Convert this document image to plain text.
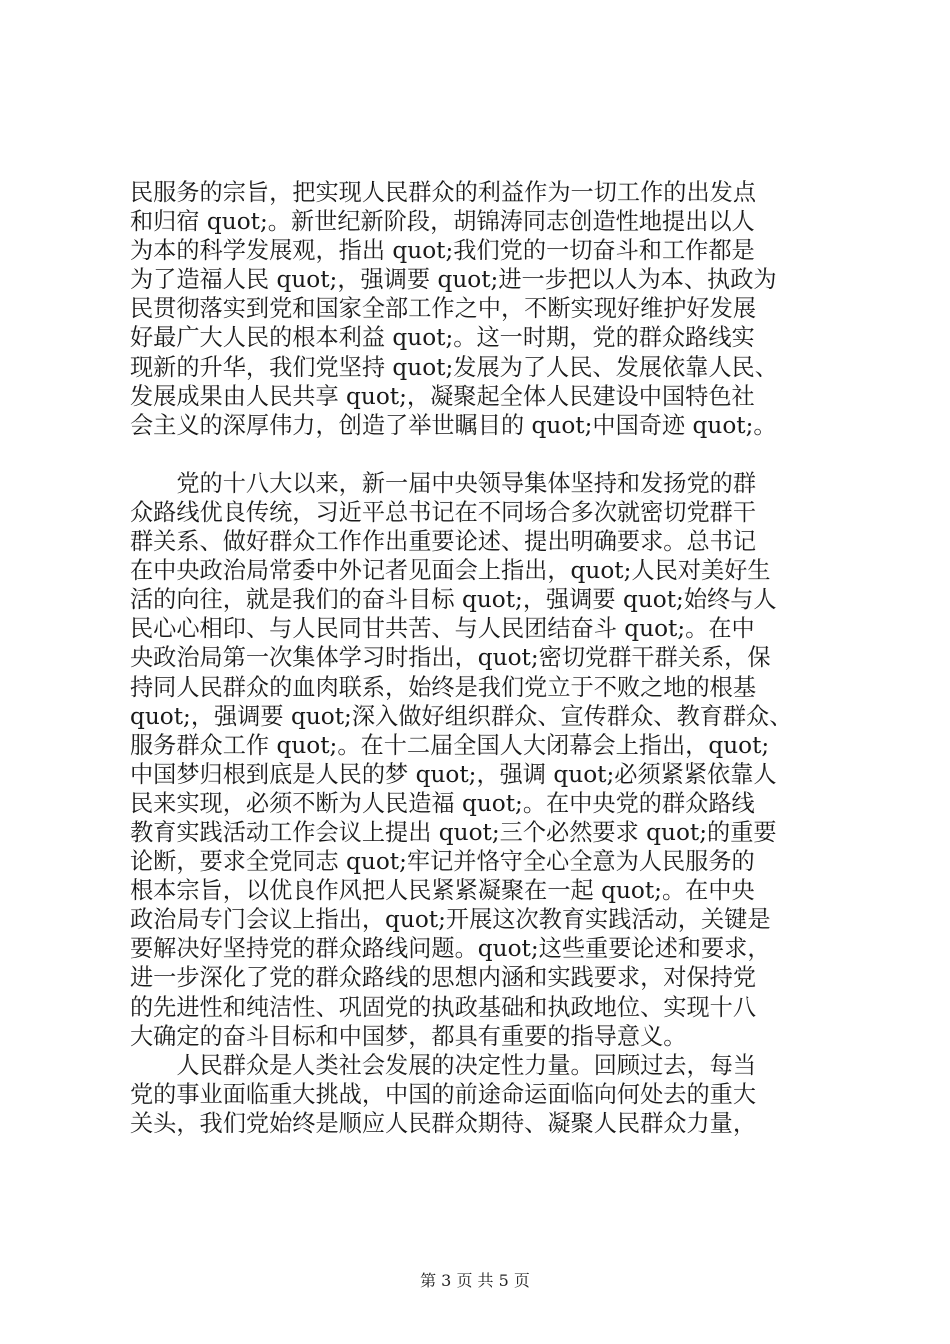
民服务的宗旨，把实现人民群众的利益作为一切工作的出发点
和归宿 quot;。新世纪新阶段，胡锦涛同志创造性地提出以人
为本的科学发展观，指出 quot;我们党的一切奋斗和工作都是
为了造福人民 quot;，强调要 quot;进一步把以人为本、执政为
民贯彻落实到党和国家全部工作之中，不断实现好维护好发展
好最广大人民的根本利益 quot;。这一时期，党的群众路线实
现新的升华，我们党坚持 quot;发展为了人民、发展依靠人民、
发展成果由人民共享 quot;，凝聚起全体人民建设中国特色社
会主义的深厚伟力，创造了举世瞩目的 quot;中国奇迹 quot;。
　　党的十八大以来，新一届中央领导集体坚持和发扬党的群
众路线优良传统，习近平总书记在不同场合多次就密切党群干
群关系、做好群众工作作出重要论述、提出明确要求。总书记
在中央政治局常委中外记者见面会上指出，quot;人民对美好生
活的向往，就是我们的奋斗目标 quot;，强调要 quot;始终与人
民心心相印、与人民同甘共苦、与人民团结奋斗 quot;。在中
央政治局第一次集体学习时指出，quot;密切党群干群关系，保
持同人民群众的血肉联系，始终是我们党立于不败之地的根基
quot;，强调要 quot;深入做好组织群众、宣传群众、教育群众、
服务群众工作 quot;。在十二届全国人大闭幕会上指出，quot;
中国梦归根到底是人民的梦 quot;，强调 quot;必须紧紧依靠人
民来实现，必须不断为人民造福 quot;。在中央党的群众路线
教育实践活动工作会议上提出 quot;三个必然要求 quot;的重要
论断，要求全党同志 quot;牢记并恪守全心全意为人民服务的
根本宗旨，以优良作风把人民紧紧凝聚在一起 quot;。在中央
政治局专门会议上指出，quot;开展这次教育实践活动，关键是
要解决好坚持党的群众路线问题。quot;这些重要论述和要求，
进一步深化了党的群众路线的思想内涵和实践要求，对保持党
的先进性和纯洁性、巩固党的执政基础和执政地位、实现十八
大确定的奋斗目标和中国梦，都具有重要的指导意义。
　　人民群众是人类社会发展的决定性力量。回顾过去，每当
党的事业面临重大挑战，中国的前途命运面临向何处去的重大
关头，我们党始终是顺应人民群众期待、凝聚人民群众力量，
第 3 页 共 5 页
